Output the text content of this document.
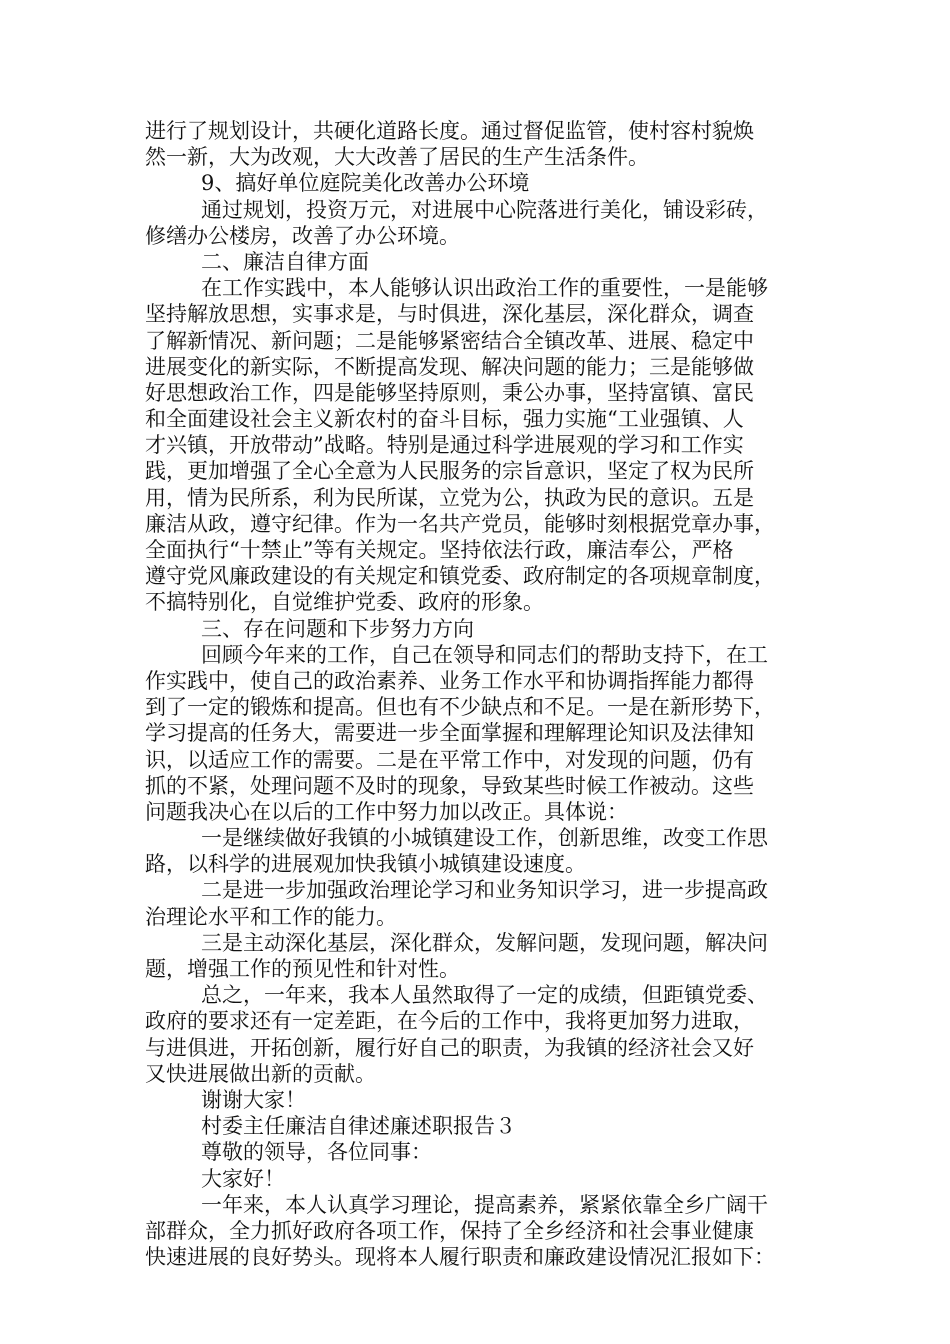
进行了规划设计，共硬化道路长度。通过督促监管，使村容村貌焕
然一新，大为改观，大大改善了居民的生产生活条件。
9、搞好单位庭院美化改善办公环境
通过规划，投资万元，对进展中心院落进行美化，铺设彩砖，
修缮办公楼房，改善了办公环境。
二、廉洁自律方面
在工作实践中，本人能够认识出政治工作的重要性，一是能够
坚持解放思想，实事求是，与时俱进，深化基层，深化群众，调查
了解新情况、新问题；二是能够紧密结合全镇改革、进展、稳定中
进展变化的新实际，不断提高发现、解决问题的能力；三是能够做
好思想政治工作，四是能够坚持原则，秉公办事，坚持富镇、富民
和全面建设社会主义新农村的奋斗目标，强力实施“工业强镇、人
才兴镇，开放带动”战略。特别是通过科学进展观的学习和工作实
践，更加增强了全心全意为人民服务的宗旨意识，坚定了权为民所
用，情为民所系，利为民所谋，立党为公，执政为民的意识。五是
廉洁从政，遵守纪律。作为一名共产党员，能够时刻根据党章办事，
全面执行“十禁止”等有关规定。坚持依法行政，廉洁奉公，严格
遵守党风廉政建设的有关规定和镇党委、政府制定的各项规章制度，
不搞特别化，自觉维护党委、政府的形象。
三、存在问题和下步努力方向
回顾今年来的工作，自己在领导和同志们的帮助支持下，在工
作实践中，使自己的政治素养、业务工作水平和协调指挥能力都得
到了一定的锻炼和提高。但也有不少缺点和不足。一是在新形势下，
学习提高的任务大，需要进一步全面掌握和理解理论知识及法律知
识，以适应工作的需要。二是在平常工作中，对发现的问题，仍有
抓的不紧，处理问题不及时的现象，导致某些时候工作被动。这些
问题我决心在以后的工作中努力加以改正。具体说：
一是继续做好我镇的小城镇建设工作，创新思维，改变工作思
路，以科学的进展观加快我镇小城镇建设速度。
二是进一步加强政治理论学习和业务知识学习，进一步提高政
治理论水平和工作的能力。
三是主动深化基层，深化群众，发解问题，发现问题，解决问
题，增强工作的预见性和针对性。
总之，一年来，我本人虽然取得了一定的成绩，但距镇党委、
政府的要求还有一定差距，在今后的工作中，我将更加努力进取，
与进俱进，开拓创新，履行好自己的职责，为我镇的经济社会又好
又快进展做出新的贡献。
谢谢大家！
村委主任廉洁自律述廉述职报告３
尊敬的领导，各位同事：
大家好！
一年来，本人认真学习理论，提高素养，紧紧依靠全乡广阔干
部群众，全力抓好政府各项工作，保持了全乡经济和社会事业健康
快速进展的良好势头。现将本人履行职责和廉政建设情况汇报如下：
